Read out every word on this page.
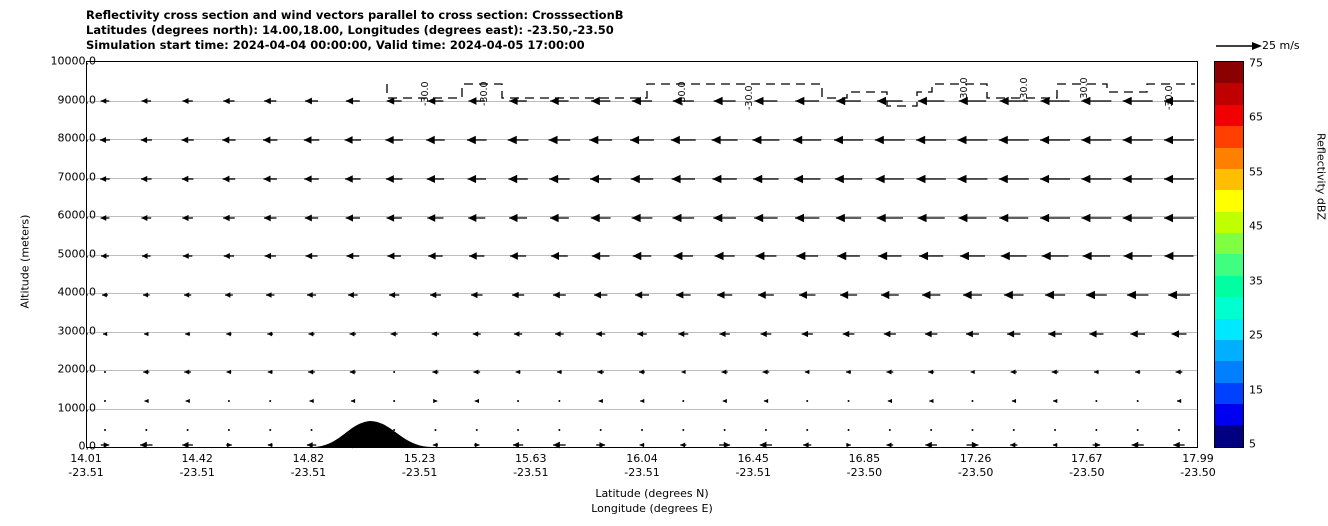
Reflectivity cross section and wind vectors parallel to cross section: CrosssectionB
Latitudes (degrees north): 14.00,18.00, Longitudes (degrees east): -23.50,-23.50
Simulation start time: 2024-04-04 00:00:00, Valid time: 2024-04-05 17:00:00	25 m/s
-30.0	-30.0	-30.0	-30.0	-30.0	-30.0	-30.0	-30.0
10000.0
9000.0
8000.0
7000.0
6000.0
5000.0
4000.0
3000.0
2000.0
1000.0
0.0
Altitude (meters)
14.01
-23.51
14.42
-23.51
14.82
-23.51
15.23
-23.51
15.63
-23.51
16.04
-23.51
16.45
-23.51
16.85
-23.50
17.26
-23.50
17.67
-23.50
17.99
-23.50
Latitude (degrees N)
Longitude (degrees E)
75
65
55
45
35
25
15
5
Reflectivity dBZ
